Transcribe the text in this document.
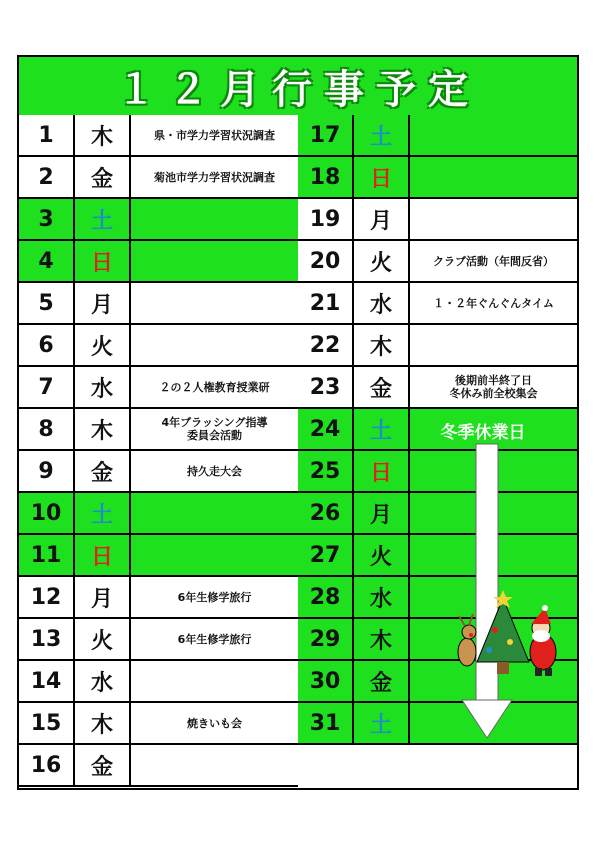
１２月行事予定
1	木	県・市学力学習状況調査
2	金	菊池市学力学習状況調査
3	土
4	日
5	月
6	火
7	水	２の２人権教育授業研
8	木	4年ブラッシング指導
委員会活動
9	金	持久走大会
10	土
11	日
12	月	6年生修学旅行
13	火	6年生修学旅行
14	水
15	木	焼きいも会
16	金
17	土
18	日
19	月
20	火	クラブ活動（年間反省）
21	水	１・２年ぐんぐんタイム
22	木
23	金	後期前半終了日
冬休み前全校集会
24	土
25	日
26	月
27	火
28	水
29	木
30	金
31	土
冬季休業日
